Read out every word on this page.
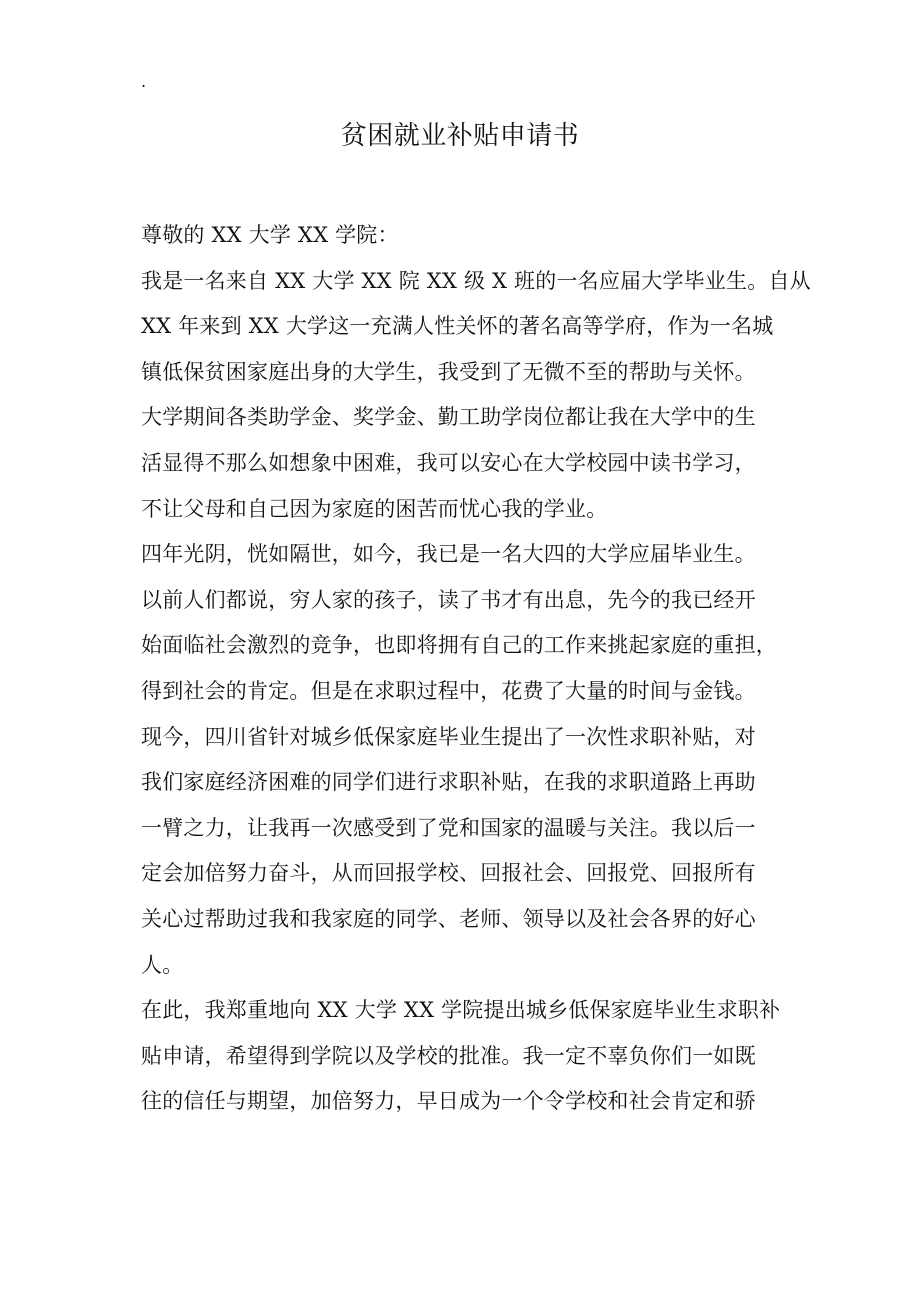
.
贫困就业补贴申请书
尊敬的 XX 大学 XX 学院：
我是一名来自 XX 大学 XX 院 XX 级 X 班的一名应届大学毕业生。自从
XX 年来到 XX 大学这一充满人性关怀的著名高等学府，作为一名城
镇低保贫困家庭出身的大学生，我受到了无微不至的帮助与关怀。
大学期间各类助学金、奖学金、勤工助学岗位都让我在大学中的生
活显得不那么如想象中困难，我可以安心在大学校园中读书学习，
不让父母和自己因为家庭的困苦而忧心我的学业。
四年光阴，恍如隔世，如今，我已是一名大四的大学应届毕业生。
以前人们都说，穷人家的孩子，读了书才有出息，先今的我已经开
始面临社会激烈的竞争，也即将拥有自己的工作来挑起家庭的重担，
得到社会的肯定。但是在求职过程中，花费了大量的时间与金钱。
现今，四川省针对城乡低保家庭毕业生提出了一次性求职补贴，对
我们家庭经济困难的同学们进行求职补贴，在我的求职道路上再助
一臂之力，让我再一次感受到了党和国家的温暖与关注。我以后一
定会加倍努力奋斗，从而回报学校、回报社会、回报党、回报所有
关心过帮助过我和我家庭的同学、老师、领导以及社会各界的好心
人。
在此，我郑重地向 XX 大学 XX 学院提出城乡低保家庭毕业生求职补
贴申请，希望得到学院以及学校的批准。我一定不辜负你们一如既
往的信任与期望，加倍努力，早日成为一个令学校和社会肯定和骄
